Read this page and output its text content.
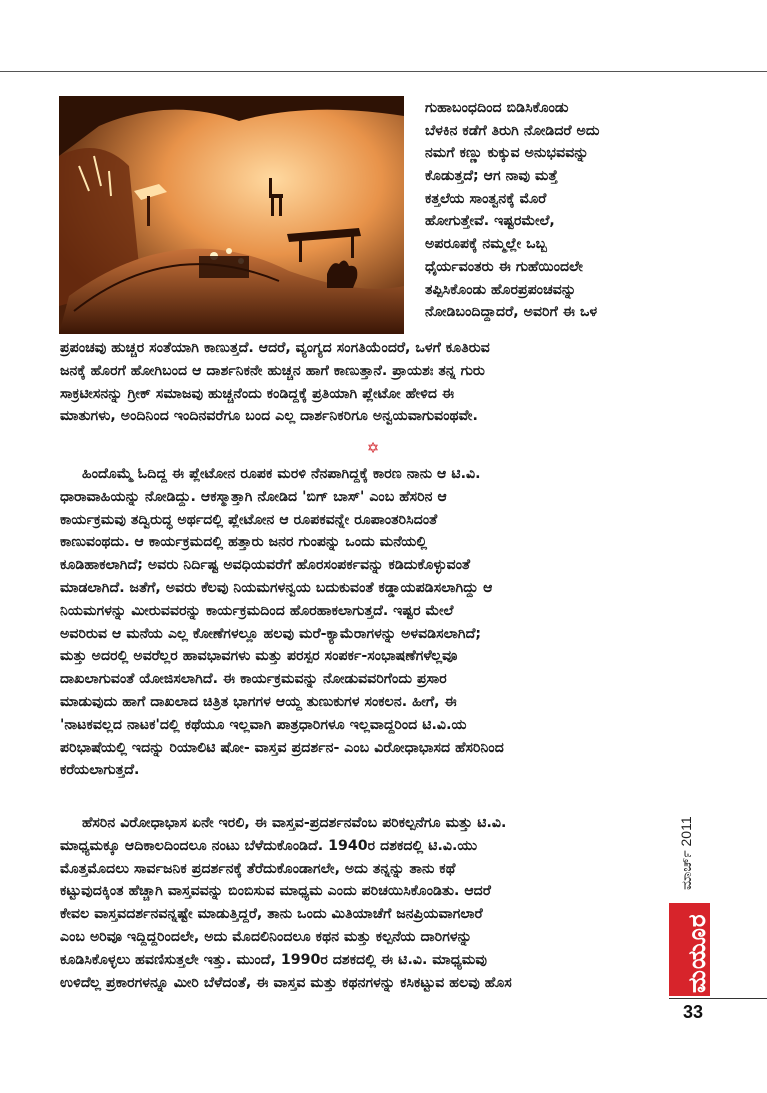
ಗುಹಾಬಂಧದಿಂದ ಬಿಡಿಸಿಕೊಂಡು
ಬೆಳಕಿನ ಕಡೆಗೆ ತಿರುಗಿ ನೋಡಿದರೆ ಅದು
ನಮಗೆ ಕಣ್ಣು ಕುಕ್ಕುವ ಅನುಭವವನ್ನು
ಕೊಡುತ್ತದೆ; ಆಗ ನಾವು ಮತ್ತೆ
ಕತ್ತಲೆಯ ಸಾಂತ್ವನಕ್ಕೆ ಮೊರೆ
ಹೋಗುತ್ತೇವೆ. ಇಷ್ಟರಮೇಲೆ,
ಅಪರೂಪಕ್ಕೆ ನಮ್ಮಲ್ಲೇ ಒಬ್ಬ
ಧೈರ್ಯವಂತರು ಈ ಗುಹೆಯಿಂದಲೇ
ತಪ್ಪಿಸಿಕೊಂಡು ಹೊರಪ್ರಪಂಚವನ್ನು
ನೋಡಿಬಂದಿದ್ದಾದರೆ, ಅವರಿಗೆ ಈ ಒಳ
ಪ್ರಪಂಚವು ಹುಚ್ಚರ ಸಂತೆಯಾಗಿ ಕಾಣುತ್ತದೆ. ಆದರೆ, ವ್ಯಂಗ್ಯದ ಸಂಗತಿಯೆಂದರೆ, ಒಳಗೆ ಕೂತಿರುವ
ಜನಕ್ಕೆ ಹೊರಗೆ ಹೋಗಿಬಂದ ಆ ದಾರ್ಶನಿಕನೇ ಹುಚ್ಚನ ಹಾಗೆ ಕಾಣುತ್ತಾನೆ. ಪ್ರಾಯಶಃ ತನ್ನ ಗುರು
ಸಾಕ್ರಟೀಸನನ್ನು ಗ್ರೀಕ್ ಸಮಾಜವು ಹುಚ್ಚನೆಂದು ಕಂಡಿದ್ದಕ್ಕೆ ಪ್ರತಿಯಾಗಿ ಪ್ಲೇಟೋ ಹೇಳಿದ ಈ
ಮಾತುಗಳು, ಅಂದಿನಿಂದ ಇಂದಿನವರೆಗೂ ಬಂದ ಎಲ್ಲ ದಾರ್ಶನಿಕರಿಗೂ ಅನ್ವಯವಾಗುವಂಥವೇ.
✡
ಹಿಂದೊಮ್ಮೆ ಓದಿದ್ದ ಈ ಪ್ಲೇಟೋನ ರೂಪಕ ಮರಳಿ ನೆನಪಾಗಿದ್ದಕ್ಕೆ ಕಾರಣ ನಾನು ಆ ಟಿ.ವಿ.
ಧಾರಾವಾಹಿಯನ್ನು ನೋಡಿದ್ದು. ಆಕಸ್ಮಾತ್ತಾಗಿ ನೋಡಿದ 'ಬಿಗ್ ಬಾಸ್' ಎಂಬ ಹೆಸರಿನ ಆ
ಕಾರ್ಯಕ್ರಮವು ತದ್ವಿರುದ್ಧ ಅರ್ಥದಲ್ಲಿ ಪ್ಲೇಟೋನ ಆ ರೂಪಕವನ್ನೇ ರೂಪಾಂತರಿಸಿದಂತೆ
ಕಾಣುವಂಥದು. ಆ ಕಾರ್ಯಕ್ರಮದಲ್ಲಿ ಹತ್ತಾರು ಜನರ ಗುಂಪನ್ನು ಒಂದು ಮನೆಯಲ್ಲಿ
ಕೂಡಿಹಾಕಲಾಗಿದೆ; ಅವರು ನಿರ್ದಿಷ್ಟ ಅವಧಿಯವರೆಗೆ ಹೊರಸಂಪರ್ಕವನ್ನು ಕಡಿದುಕೊಳ್ಳುವಂತೆ
ಮಾಡಲಾಗಿದೆ. ಜತೆಗೆ, ಅವರು ಕೆಲವು ನಿಯಮಗಳನ್ವಯ ಬದುಕುವಂತೆ ಕಡ್ಡಾಯಪಡಿಸಲಾಗಿದ್ದು ಆ
ನಿಯಮಗಳನ್ನು ಮೀರುವವರನ್ನು ಕಾರ್ಯಕ್ರಮದಿಂದ ಹೊರಹಾಕಲಾಗುತ್ತದೆ. ಇಷ್ಟರ ಮೇಲೆ
ಅವರಿರುವ ಆ ಮನೆಯ ಎಲ್ಲ ಕೋಣೆಗಳಲ್ಲೂ ಹಲವು ಮರೆ-ಕ್ಯಾಮೆರಾಗಳನ್ನು ಅಳವಡಿಸಲಾಗಿದೆ;
ಮತ್ತು ಅದರಲ್ಲಿ ಅವರೆಲ್ಲರ ಹಾವಭಾವಗಳು ಮತ್ತು ಪರಸ್ಪರ ಸಂಪರ್ಕ-ಸಂಭಾಷಣೆಗಳೆಲ್ಲವೂ
ದಾಖಲಾಗುವಂತೆ ಯೋಜಿಸಲಾಗಿದೆ. ಈ ಕಾರ್ಯಕ್ರಮವನ್ನು ನೋಡುವವರಿಗೆಂದು ಪ್ರಸಾರ
ಮಾಡುವುದು ಹಾಗೆ ದಾಖಲಾದ ಚಿತ್ರಿತ ಭಾಗಗಳ ಆಯ್ದ ತುಣುಕುಗಳ ಸಂಕಲನ. ಹೀಗೆ, ಈ
'ನಾಟಕವಲ್ಲದ ನಾಟಕ'ದಲ್ಲಿ ಕಥೆಯೂ ಇಲ್ಲವಾಗಿ ಪಾತ್ರಧಾರಿಗಳೂ ಇಲ್ಲವಾದ್ದರಿಂದ ಟಿ.ವಿ.ಯ
ಪರಿಭಾಷೆಯಲ್ಲಿ ಇದನ್ನು ರಿಯಾಲಿಟಿ ಷೋ- ವಾಸ್ತವ ಪ್ರದರ್ಶನ- ಎಂಬ ವಿರೋಧಾಭಾಸದ ಹೆಸರಿನಿಂದ
ಕರೆಯಲಾಗುತ್ತದೆ.
ಹೆಸರಿನ ವಿರೋಧಾಭಾಸ ಏನೇ ಇರಲಿ, ಈ ವಾಸ್ತವ-ಪ್ರದರ್ಶನವೆಂಬ ಪರಿಕಲ್ಪನೆಗೂ ಮತ್ತು ಟಿ.ವಿ.
ಮಾಧ್ಯಮಕ್ಕೂ ಆದಿಕಾಲದಿಂದಲೂ ನಂಟು ಬೆಳೆದುಕೊಂಡಿದೆ. 1940ರ ದಶಕದಲ್ಲಿ ಟಿ.ವಿ.ಯು
ಮೊತ್ತಮೊದಲು ಸಾರ್ವಜನಿಕ ಪ್ರದರ್ಶನಕ್ಕೆ ತೆರೆದುಕೊಂಡಾಗಲೇ, ಅದು ತನ್ನನ್ನು ತಾನು ಕಥೆ
ಕಟ್ಟುವುದಕ್ಕಿಂತ ಹೆಚ್ಚಾಗಿ ವಾಸ್ತವವನ್ನು ಬಿಂಬಿಸುವ ಮಾಧ್ಯಮ ಎಂದು ಪರಿಚಯಿಸಿಕೊಂಡಿತು. ಆದರೆ
ಕೇವಲ ವಾಸ್ತವದರ್ಶನವನ್ನಷ್ಟೇ ಮಾಡುತ್ತಿದ್ದರೆ, ತಾನು ಒಂದು ಮಿತಿಯಾಚೆಗೆ ಜನಪ್ರಿಯವಾಗಲಾರೆ
ಎಂಬ ಅರಿವೂ ಇದ್ದಿದ್ದರಿಂದಲೇ, ಅದು ಮೊದಲಿನಿಂದಲೂ ಕಥನ ಮತ್ತು ಕಲ್ಪನೆಯ ದಾರಿಗಳನ್ನು
ಕೂಡಿಸಿಕೊಳ್ಳಲು ಹವಣಿಸುತ್ತಲೇ ಇತ್ತು. ಮುಂದೆ, 1990ರ ದಶಕದಲ್ಲಿ ಈ ಟಿ.ವಿ. ಮಾಧ್ಯಮವು
ಉಳಿದೆಲ್ಲ ಪ್ರಕಾರಗಳನ್ನೂ ಮೀರಿ ಬೆಳೆದಂತೆ, ಈ ವಾಸ್ತವ ಮತ್ತು ಕಥನಗಳನ್ನು ಕಸಿಕಟ್ಟುವ ಹಲವು ಹೊಸ
ಮಾರ್ಚ್ 2011
ಮಯೂರ
33
